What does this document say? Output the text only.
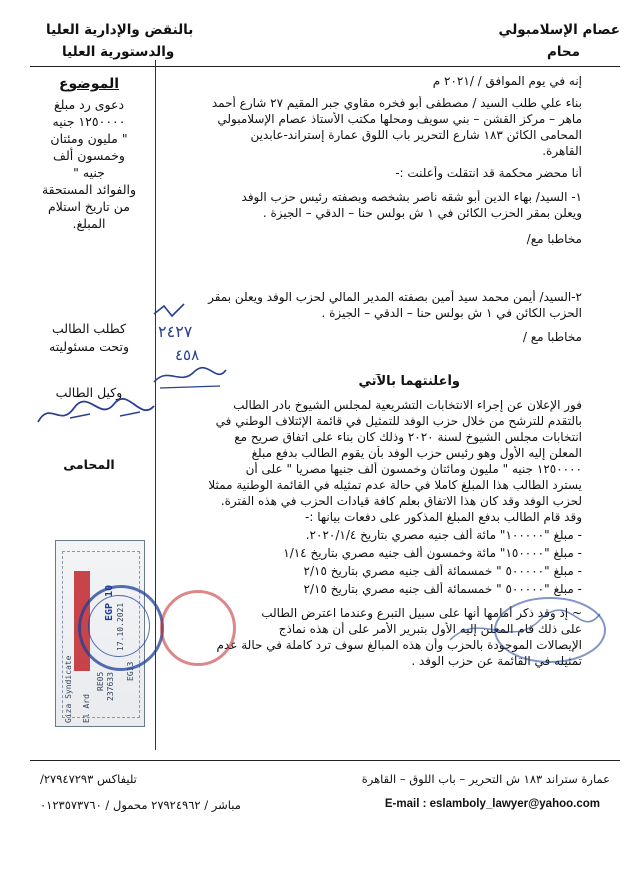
عصام الإسلامبولي
محام
بالنقض والإدارية العليا
والدستورية العليا
الموضوع
دعوى رد مبلغ
١٢٥٠٠٠٠ جنيه
" مليون ومئتان
وخمسون ألف
جنيه "
والفوائد المستحقة
من تاريخ استلام
المبلغ.
كطلب الطالب
وتحت مسئوليته
وكيل الطالب
المحامى
إنه في يوم الموافق / /٢٠٢١ م
بناء علي طلب السيد / مصطفى أبو فخره مقاوي جبر المقيم ٢٧ شارع أحمد
ماهر – مركز القشن – بني سويف ومحلها مكتب الأستاذ عصام الإسلامبولي
المحامى الكائن ١٨٣ شارع التحرير باب اللوق عمارة إستراند-عابدين
القاهرة.
أنا محضر محكمة قد انتقلت وأعلنت :-
١- السيد/ بهاء الدين أبو شقه ناصر بشخصه وبصفته رئيس حزب الوفد
ويعلن بمقر الحزب الكائن في ١ ش بولس حنا – الدقي – الجيزة .
مخاطبا مع/
٢-السيد/ أيمن محمد سيد أمين بصفته المدير المالي لحزب الوفد ويعلن بمقر
الحزب الكائن في ١ ش بولس حنا – الدقي – الجيزة .
مخاطبا مع /
وأعلنتهما بالآتي
فور الإعلان عن إجراء الانتخابات التشريعية لمجلس الشيوخ بادر الطالب
بالتقدم للترشح من خلال حزب الوفد للتمثيل في قائمة الإئتلاف الوطني في
انتخابات مجلس الشيوخ لسنة ٢٠٢٠ وذلك كان بناء على اتفاق صريح مع
المعلن إليه الأول وهو رئيس حزب الوفد بأن يقوم الطالب بدفع مبلغ
١٢٥٠٠٠٠ جنيه " مليون ومائتان وخمسون ألف جنيها مصريا " على أن
يسترد الطالب هذا المبلغ كاملا في حالة عدم تمثيله في القائمة الوطنية ممثلا
لحزب الوفد وقد كان هذا الاتفاق بعلم كافة قيادات الحزب في هذه الفترة.
وقد قام الطالب بدفع المبلغ المذكور على دفعات بيانها :-
- مبلغ "١٠٠٠٠٠" مائة ألف جنيه مصري بتاريخ ٢٠٢٠/١/٤.
- مبلغ "١٥٠٠٠٠" مائة وخمسون ألف جنيه مصري بتاريخ ١/١٤
- مبلغ "٥٠٠٠٠٠ " خمسمائة ألف جنيه مصري بتاريخ ٢/١٥
- مبلغ "٥٠٠٠٠٠ " خمسمائة ألف جنيه مصري بتاريخ ٢/١٥
~ إذ وقد ذكر أمامها أنها على سبيل التبرع وعندما اعترض الطالب
على ذلك قام المعلن إليه الأول بتبرير الأمر على أن هذه نماذج
الإيصالات الموجودة بالحزب وأن هذه المبالغ سوف ترد كاملة في حالة عدم
تمثيله في القائمة عن حزب الوفد .
٢٤٢٧
٤٥٨
10 EGP
17.10.2021
RE05 237633
EG13
Giza Syndicate El Ard
عمارة ستراند ١٨٣ ش التحرير – باب اللوق – القاهرة
تليفاكس ٢٧٩٤٧٢٩٣/
E-mail : eslamboly_lawyer@yahoo.com
مباشر / ٢٧٩٢٤٩٦٢ محمول / ٠١٢٣٥٧٣٧٦٠
